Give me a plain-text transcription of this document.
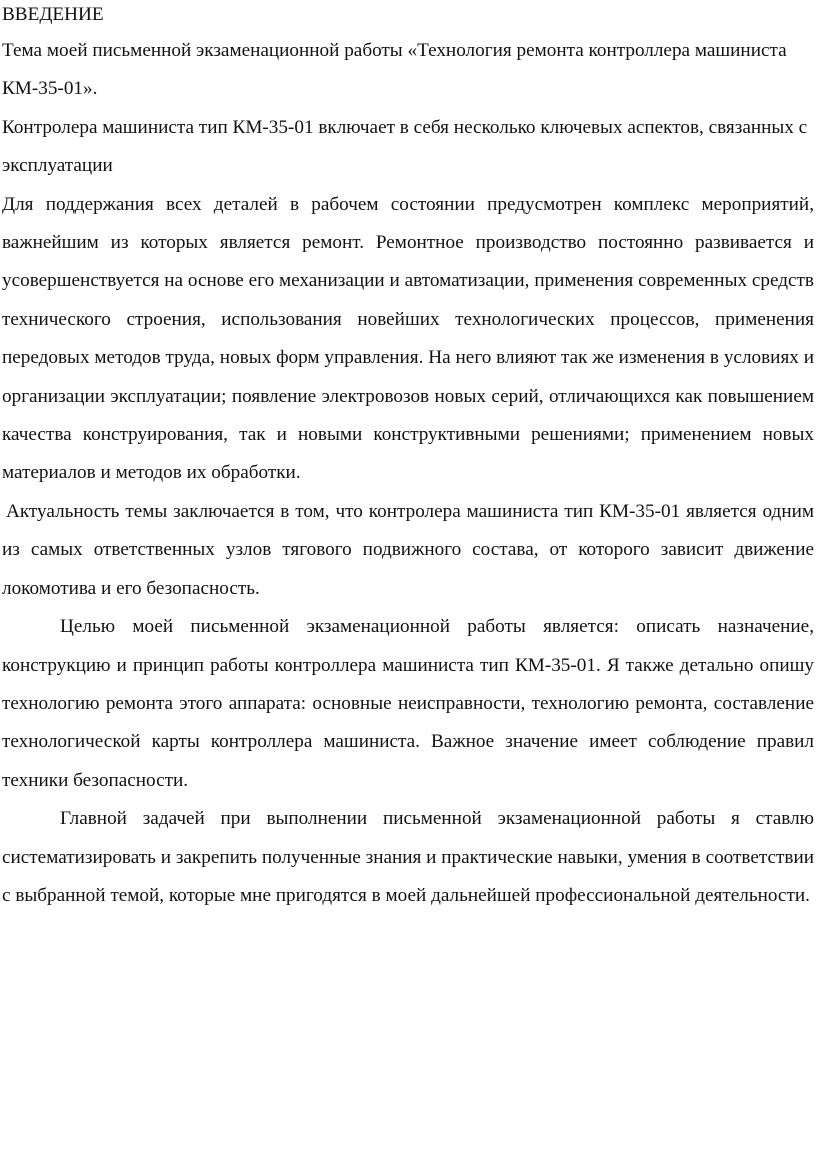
ВВЕДЕНИЕ

Тема моей письменной экзаменационной работы «Технология ремонта контроллера машиниста КМ-35-01».

Контролера машиниста тип КМ-35-01 включает в себя несколько ключевых аспектов, связанных с эксплуатации

Для поддержания всех деталей в рабочем состоянии предусмотрен комплекс мероприятий, важнейшим из которых является ремонт. Ремонтное производство постоянно развивается и усовершенствуется на основе его механизации и автоматизации, применения современных средств технического строения, использования новейших технологических процессов, применения передовых методов труда, новых форм управления. На него влияют так же изменения в условиях и организации эксплуатации; появление электровозов новых серий, отличающихся как повышением качества конструирования, так и новыми конструктивными решениями; применением новых материалов и методов их обработки.

Актуальность темы заключается в том, что контролера машиниста тип КМ-35-01 является одним из самых ответственных узлов тягового подвижного состава, от которого зависит движение локомотива и его безопасность.

Целью моей письменной экзаменационной работы является: описать назначение, конструкцию и принцип работы контроллера машиниста тип КМ-35-01. Я также детально опишу технологию ремонта этого аппарата: основные неисправности, технологию ремонта, составление технологической карты контроллера машиниста. Важное значение имеет соблюдение правил техники безопасности.

Главной задачей при выполнении письменной экзаменационной работы я ставлю систематизировать и закрепить полученные знания и практические навыки, умения в соответствии с выбранной темой, которые мне пригодятся в моей дальнейшей профессиональной деятельности.
